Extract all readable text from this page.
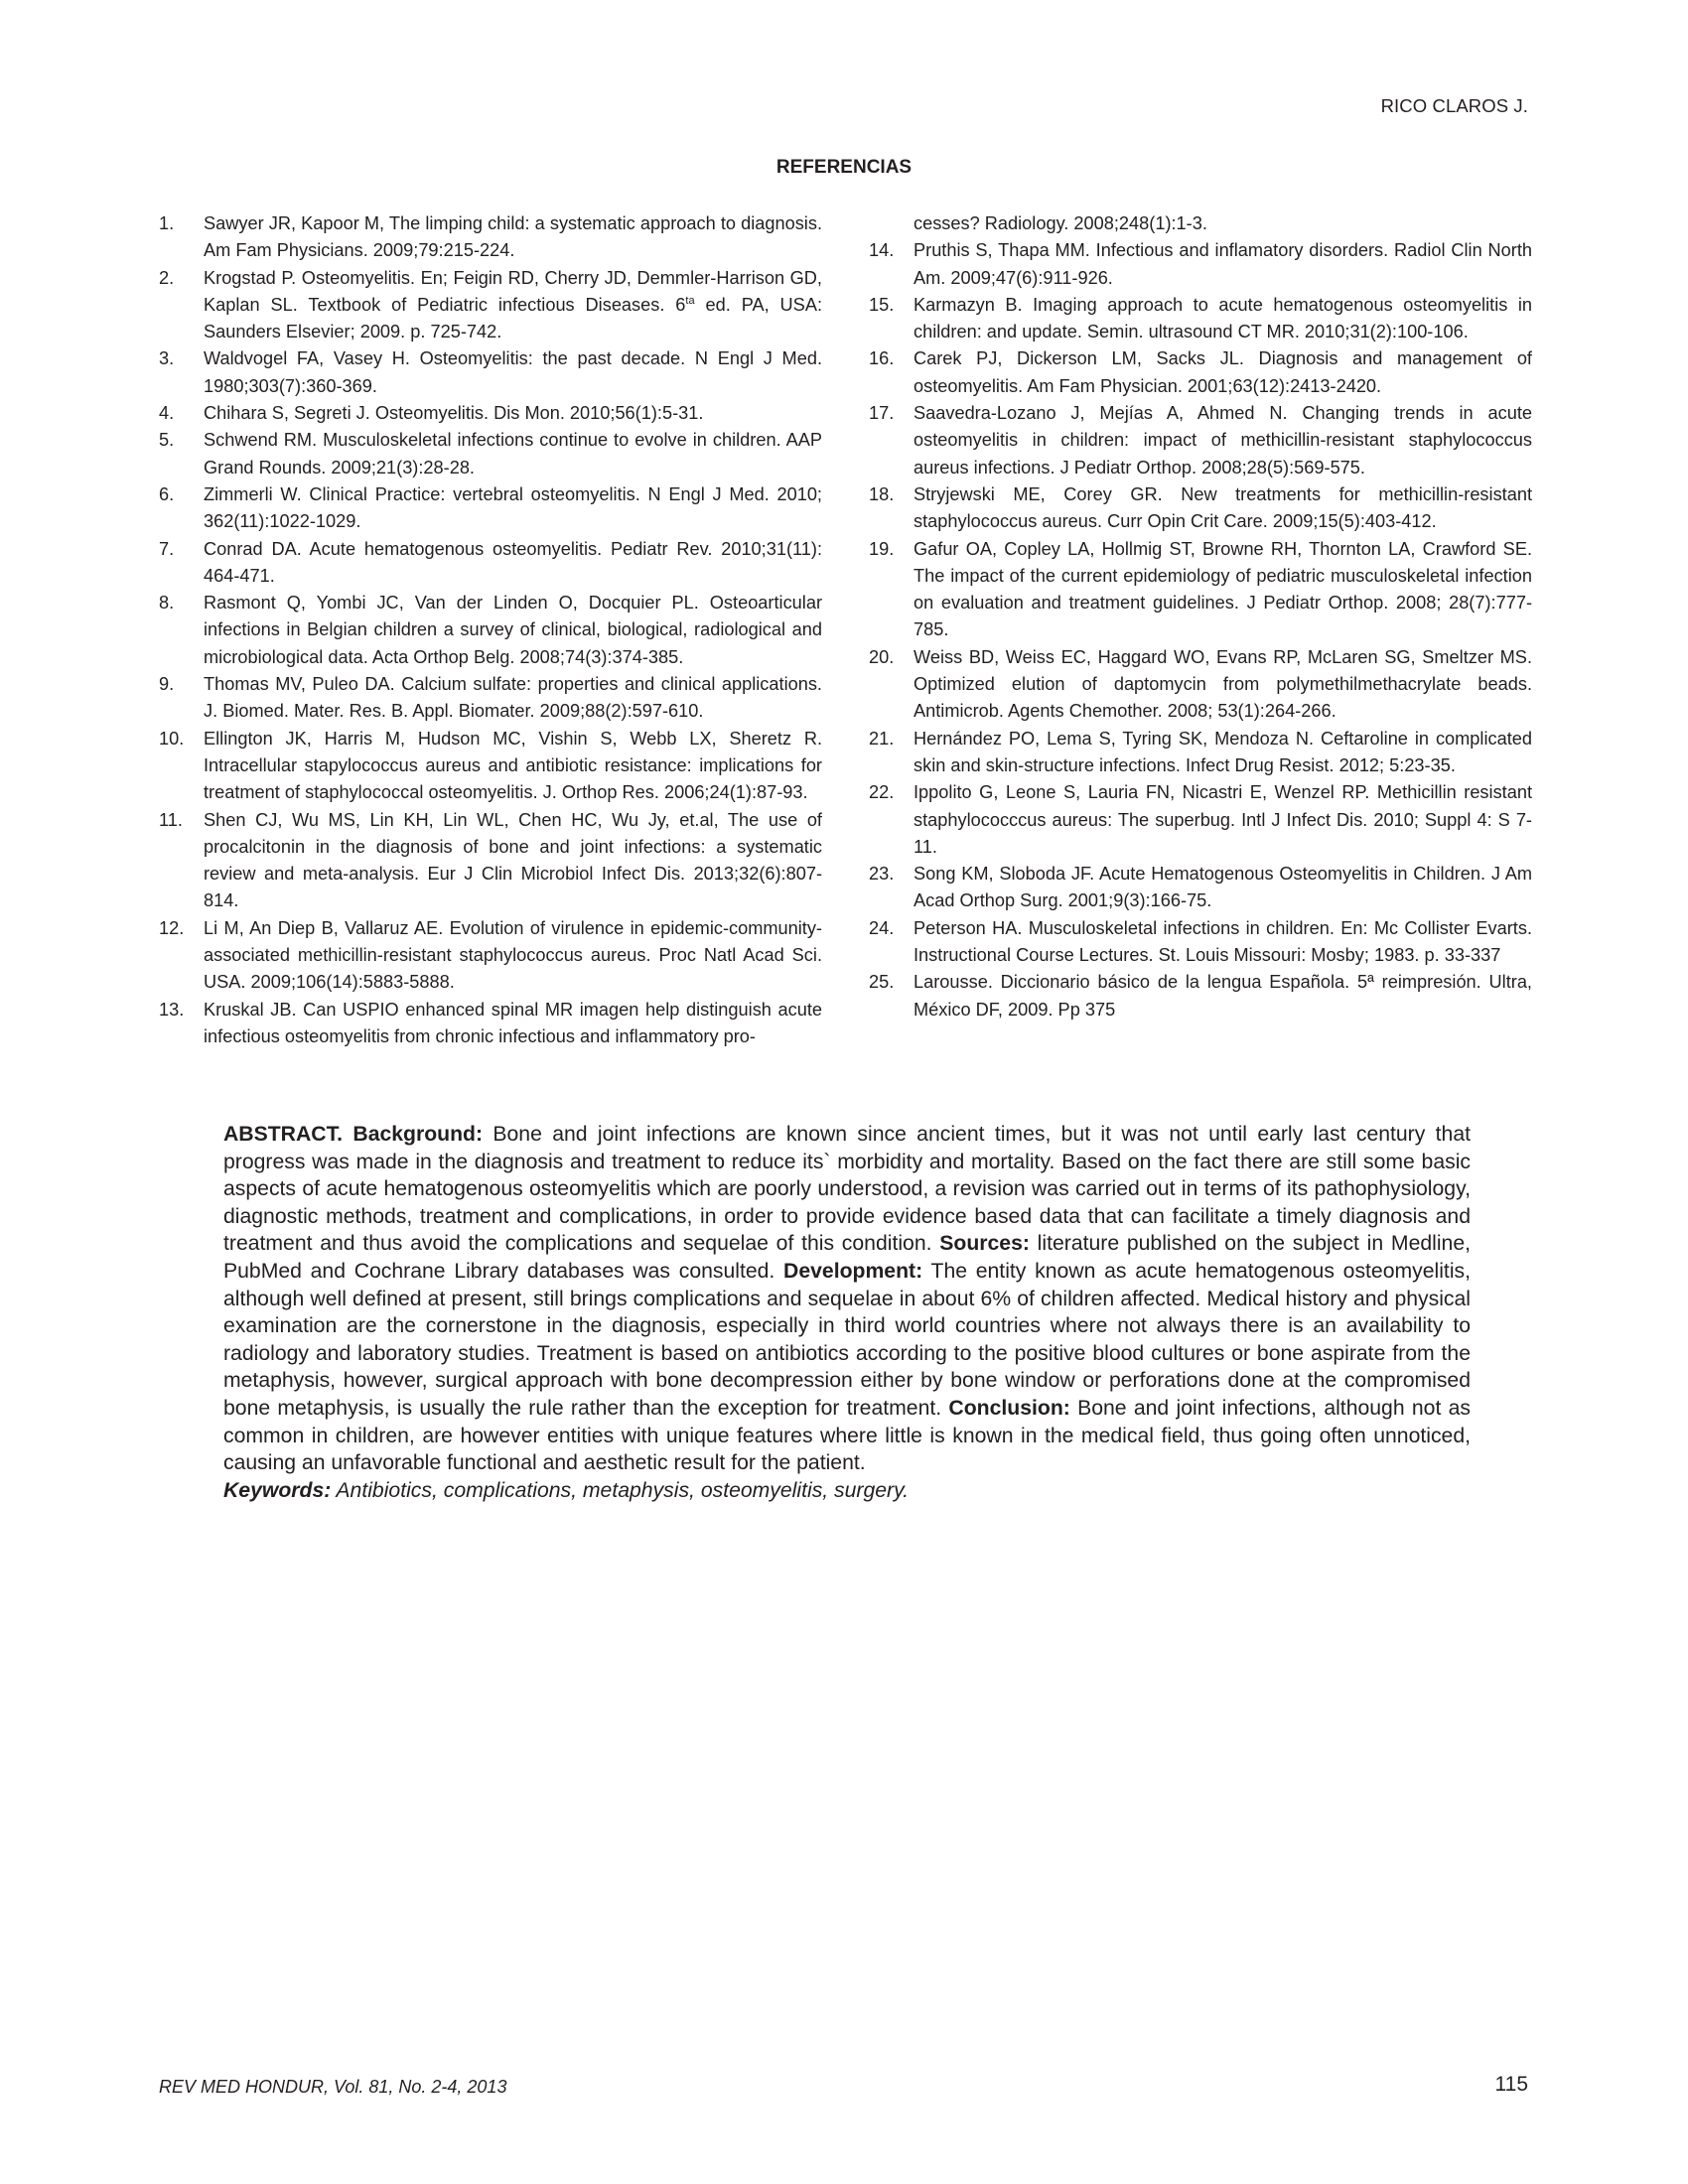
RICO CLAROS J.
REFERENCIAS
1.	Sawyer JR, Kapoor M, The limping child: a systematic approach to diagnosis. Am Fam Physicians. 2009;79:215-224.
2.	Krogstad P. Osteomyelitis. En; Feigin RD, Cherry JD, Demmler-Harrison GD, Kaplan SL. Textbook of Pediatric infectious Diseases. $6^{ta}$ ed. PA, USA: Saunders Elsevier; 2009. p. 725-742.
3.	Waldvogel FA, Vasey H. Osteomyelitis: the past decade. N Engl J Med. 1980;303(7):360-369.
4.	Chihara S, Segreti J. Osteomyelitis. Dis Mon. 2010;56(1):5-31.
5.	Schwend RM. Musculoskeletal infections continue to evolve in children. AAP Grand Rounds. 2009;21(3):28-28.
6.	Zimmerli W. Clinical Practice: vertebral osteomyelitis. N Engl J Med. 2010; 362(11):1022-1029.
7.	Conrad DA. Acute hematogenous osteomyelitis. Pediatr Rev. 2010;31(11): 464-471.
8.	Rasmont Q, Yombi JC, Van der Linden O, Docquier PL. Osteoarticular infections in Belgian children a survey of clinical, biological, radiological and microbiological data. Acta Orthop Belg. 2008;74(3):374-385.
9.	Thomas MV, Puleo DA. Calcium sulfate: properties and clinical applications. J. Biomed. Mater. Res. B. Appl. Biomater. 2009;88(2):597-610.
10.	Ellington JK, Harris M, Hudson MC, Vishin S, Webb LX, Sheretz R. Intracellular stapylococcus aureus and antibiotic resistance: implications for treatment of staphylococcal osteomyelitis. J. Orthop Res. 2006;24(1):87-93.
11.	Shen CJ, Wu MS, Lin KH, Lin WL, Chen HC, Wu Jy, et.al, The use of procalcitonin in the diagnosis of bone and joint infections: a systematic review and meta-analysis. Eur J Clin Microbiol Infect Dis. 2013;32(6):807-814.
12.	Li M, An Diep B, Vallaruz AE. Evolution of virulence in epidemic-community-associated methicillin-resistant staphylococcus aureus. Proc Natl Acad Sci. USA. 2009;106(14):5883-5888.
13.	Kruskal JB. Can USPIO enhanced spinal MR imagen help distinguish acute infectious osteomyelitis from chronic infectious and inflammatory pro-
cesses? Radiology. 2008;248(1):1-3.
14.	Pruthis S, Thapa MM. Infectious and inflamatory disorders. Radiol Clin North Am. 2009;47(6):911-926.
15.	Karmazyn B. Imaging approach to acute hematogenous osteomyelitis in children: and update. Semin. ultrasound CT MR. 2010;31(2):100-106.
16.	Carek PJ, Dickerson LM, Sacks JL. Diagnosis and management of osteomyelitis. Am Fam Physician. 2001;63(12):2413-2420.
17.	Saavedra-Lozano J, Mejías A, Ahmed N. Changing trends in acute osteomyelitis in children: impact of methicillin-resistant staphylococcus aureus infections. J Pediatr Orthop. 2008;28(5):569-575.
18.	Stryjewski ME, Corey GR. New treatments for methicillin-resistant staphylococcus aureus. Curr Opin Crit Care. 2009;15(5):403-412.
19.	Gafur OA, Copley LA, Hollmig ST, Browne RH, Thornton LA, Crawford SE. The impact of the current epidemiology of pediatric musculoskeletal infection on evaluation and treatment guidelines. J Pediatr Orthop. 2008; 28(7):777-785.
20.	Weiss BD, Weiss EC, Haggard WO, Evans RP, McLaren SG, Smeltzer MS. Optimized elution of daptomycin from polymethilmethacrylate beads. Antimicrob. Agents Chemother. 2008; 53(1):264-266.
21.	Hernández PO, Lema S, Tyring SK, Mendoza N. Ceftaroline in complicated skin and skin-structure infections. Infect Drug Resist. 2012; 5:23-35.
22.	Ippolito G, Leone S, Lauria FN, Nicastri E, Wenzel RP. Methicillin resistant staphylococccus aureus: The superbug. Intl J Infect Dis. 2010; Suppl 4: S 7-11.
23.	Song KM, Sloboda JF. Acute Hematogenous Osteomyelitis in Children. J Am Acad Orthop Surg. 2001;9(3):166-75.
24.	Peterson HA. Musculoskeletal infections in children. En: Mc Collister Evarts. Instructional Course Lectures. St. Louis Missouri: Mosby; 1983. p. 33-337
25.	Larousse. Diccionario básico de la lengua Española. 5ª reimpresión. Ultra, México DF, 2009. Pp 375

ABSTRACT. Background: Bone and joint infections are known since ancient times, but it was not until early last century that progress was made in the diagnosis and treatment to reduce its` morbidity and mortality. Based on the fact there are still some basic aspects of acute hematogenous osteomyelitis which are poorly understood, a revision was carried out in terms of its pathophysiology, diagnostic methods, treatment and complications, in order to provide evidence based data that can facilitate a timely diagnosis and treatment and thus avoid the complications and sequelae of this condition. Sources: literature published on the subject in Medline, PubMed and Cochrane Library databases was consulted. Development: The entity known as acute hematogenous osteomyelitis, although well defined at present, still brings complications and sequelae in about 6% of children affected. Medical history and physical examination are the cornerstone in the diagnosis, especially in third world countries where not always there is an availability to radiology and laboratory studies. Treatment is based on antibiotics according to the positive blood cultures or bone aspirate from the metaphysis, however, surgical approach with bone decompression either by bone window or perforations done at the compromised bone metaphysis, is usually the rule rather than the exception for treatment. Conclusion: Bone and joint infections, although not as common in children, are however entities with unique features where little is known in the medical field, thus going often unnoticed, causing an unfavorable functional and aesthetic result for the patient.

Keywords: Antibiotics, complications, metaphysis, osteomyelitis, surgery.
REV MED HONDUR, Vol. 81, No. 2-4, 2013	115
